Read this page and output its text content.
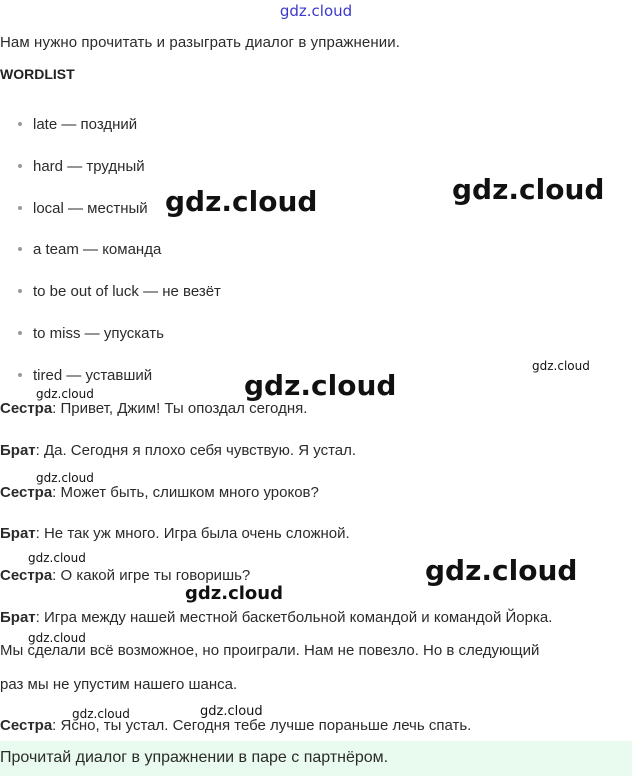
gdz.cloud
Нам нужно прочитать и разыграть диалог в упражнении.
WORDLIST
late — поздний
hard — трудный
local — местный
a team — команда
to be out of luck — не везёт
to miss — упускать
tired — уставший
Сестра: Привет, Джим! Ты опоздал сегодня.
Брат: Да. Сегодня я плохо себя чувствую. Я устал.
Сестра: Может быть, слишком много уроков?
Брат: Не так уж много. Игра была очень сложной.
Сестра: О какой игре ты говоришь?
Брат: Игра между нашей местной баскетбольной командой и командой Йорка.
Мы сделали всё возможное, но проиграли. Нам не повезло. Но в следующий
раз мы не упустим нашего шанса.
Сестра: Ясно, ты устал. Сегодня тебе лучше пораньше лечь спать.
Прочитай диалог в упражнении в паре с партнёром.
gdz.cloud	gdz.cloud
gdz.cloud
gdz.cloud
gdz.cloud
gdz.cloud
gdz.cloud	gdz.cloud
gdz.cloud
gdz.cloud
gdz.cloud	gdz.cloud
